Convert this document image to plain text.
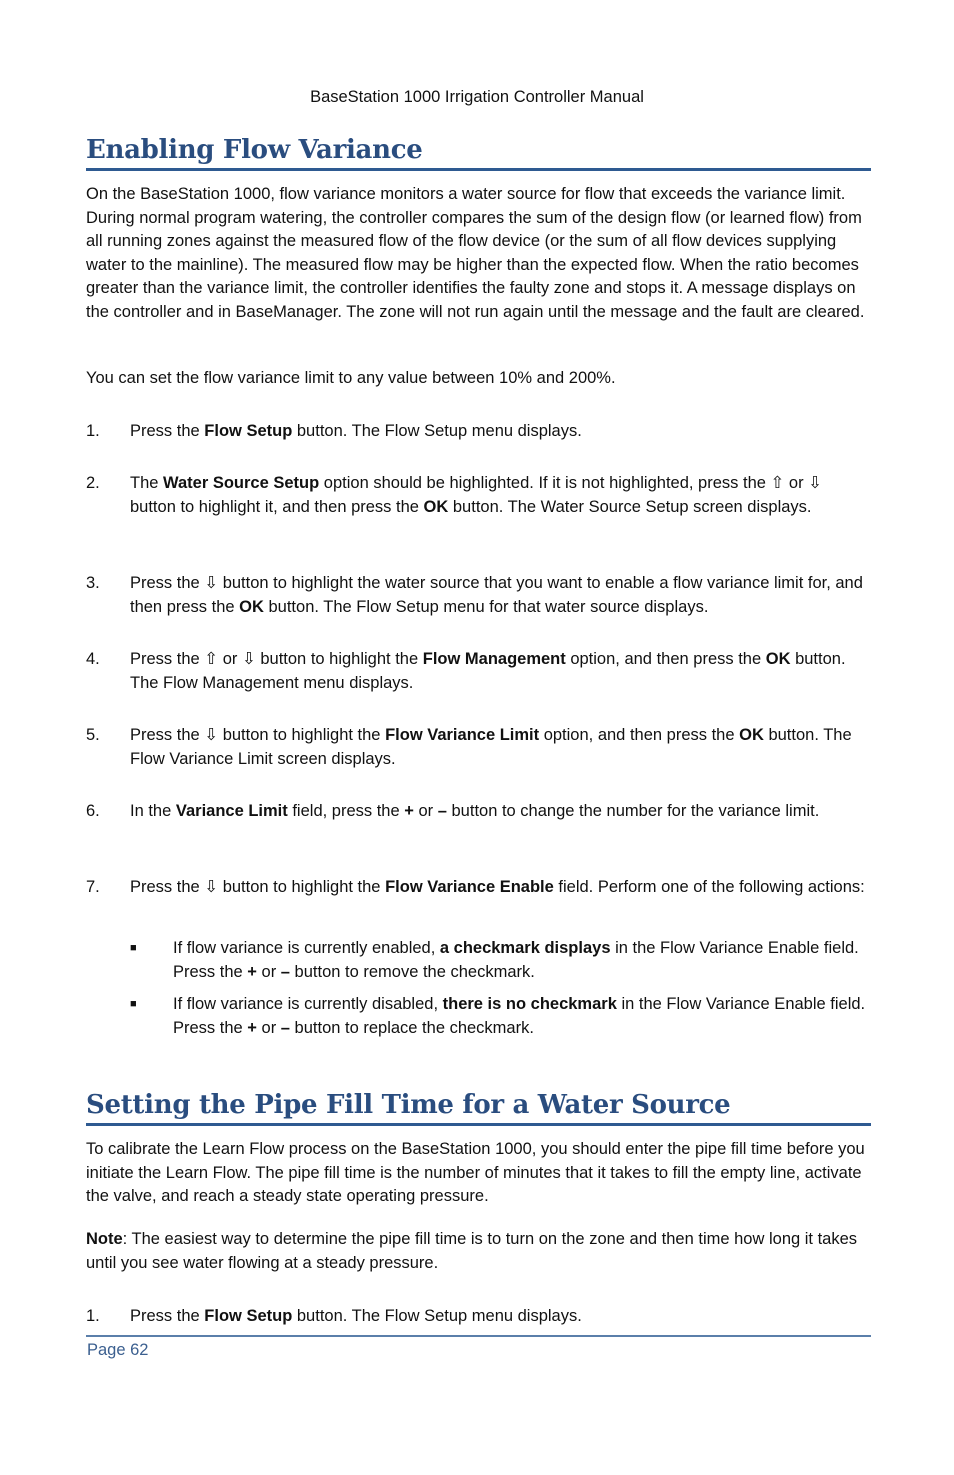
BaseStation 1000 Irrigation Controller Manual
Enabling Flow Variance
On the BaseStation 1000, flow variance monitors a water source for flow that exceeds the variance limit. During normal program watering, the controller compares the sum of the design flow (or learned flow) from all running zones against the measured flow of the flow device (or the sum of all flow devices supplying water to the mainline). The measured flow may be higher than the expected flow. When the ratio becomes greater than the variance limit, the controller identifies the faulty zone and stops it. A message displays on the controller and in BaseManager. The zone will not run again until the message and the fault are cleared.
You can set the flow variance limit to any value between 10% and 200%.
1.	Press the Flow Setup button. The Flow Setup menu displays.
2.	The Water Source Setup option should be highlighted. If it is not highlighted, press the ⇧ or ⇩ button to highlight it, and then press the OK button. The Water Source Setup screen displays.
3.	Press the ⇩ button to highlight the water source that you want to enable a flow variance limit for, and then press the OK button. The Flow Setup menu for that water source displays.
4.	Press the ⇧ or ⇩ button to highlight the Flow Management option, and then press the OK button. The Flow Management menu displays.
5.	Press the ⇩ button to highlight the Flow Variance Limit option, and then press the OK button. The Flow Variance Limit screen displays.
6.	In the Variance Limit field, press the + or – button to change the number for the variance limit.
7.	Press the ⇩ button to highlight the Flow Variance Enable field. Perform one of the following actions:
■ If flow variance is currently enabled, a checkmark displays in the Flow Variance Enable field. Press the + or – button to remove the checkmark.
■ If flow variance is currently disabled, there is no checkmark in the Flow Variance Enable field. Press the + or – button to replace the checkmark.
Setting the Pipe Fill Time for a Water Source
To calibrate the Learn Flow process on the BaseStation 1000, you should enter the pipe fill time before you initiate the Learn Flow. The pipe fill time is the number of minutes that it takes to fill the empty line, activate the valve, and reach a steady state operating pressure.
Note: The easiest way to determine the pipe fill time is to turn on the zone and then time how long it takes until you see water flowing at a steady pressure.
1.	Press the Flow Setup button. The Flow Setup menu displays.
Page 62
